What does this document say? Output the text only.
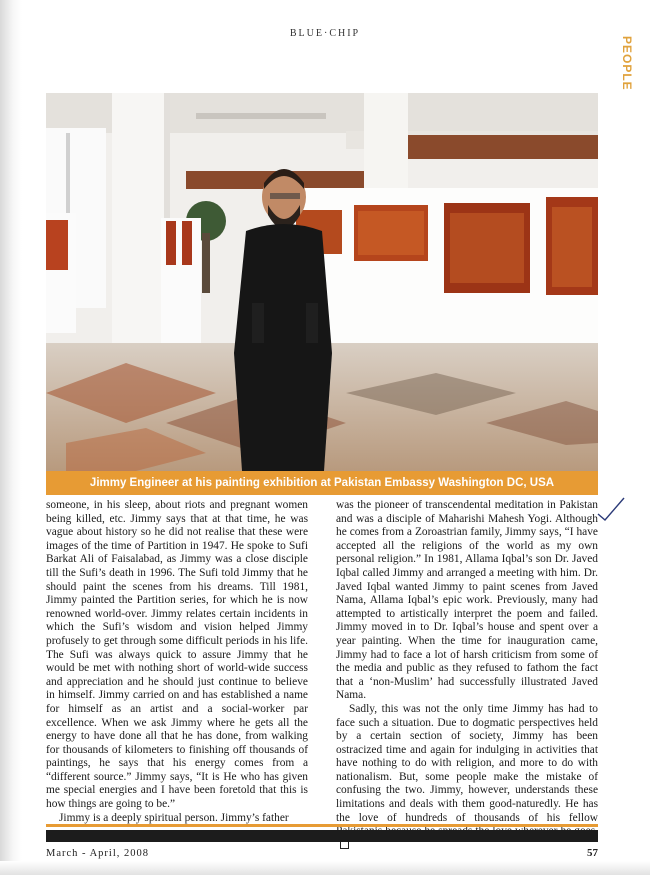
BLUE·CHIP
PEOPLE
Jimmy Engineer at his painting exhibition at Pakistan Embassy Washington DC, USA

someone, in his sleep, about riots and pregnant women being killed, etc. Jimmy says that at that time, he was vague about history so he did not realise that these were images of the time of Partition in 1947. He spoke to Sufi Barkat Ali of Faisalabad, as Jimmy was a close disciple till the Sufi’s death in 1996. The Sufi told Jimmy that he should paint the scenes from his dreams. Till 1981, Jimmy painted the Partition series, for which he is now renowned world-over. Jimmy relates certain incidents in which the Sufi’s wisdom and vision helped Jimmy profusely to get through some difficult periods in his life. The Sufi was always quick to assure Jimmy that he would be met with nothing short of world-wide success and appreciation and he should just continue to believe in himself. Jimmy carried on and has established a name for himself as an artist and a social-worker par excellence. When we ask Jimmy where he gets all the energy to have done all that he has done, from walking for thousands of kilometers to finishing off thousands of paintings, he says that his energy comes from a “different source.” Jimmy says, “It is He who has given me special energies and I have been foretold that this is how things are going to be.”

Jimmy is a deeply spiritual person. Jimmy’s father

was the pioneer of transcendental meditation in Pakistan and was a disciple of Maharishi Mahesh Yogi. Although he comes from a Zoroastrian family, Jimmy says, “I have accepted all the religions of the world as my own personal religion.” In 1981, Allama Iqbal’s son Dr. Javed Iqbal called Jimmy and arranged a meeting with him. Dr. Javed Iqbal wanted Jimmy to paint scenes from Javed Nama, Allama Iqbal’s epic work. Previously, many had attempted to artistically interpret the poem and failed. Jimmy moved in to Dr. Iqbal’s house and spent over a year painting. When the time for inauguration came, Jimmy had to face a lot of harsh criticism from some of the media and public as they refused to fathom the fact that a ‘non-Muslim’ had successfully illustrated Javed Nama.

Sadly, this was not the only time Jimmy has had to face such a situation. Due to dogmatic perspectives held by a certain section of society, Jimmy has been ostracized time and again for indulging in activities that have nothing to do with religion, and more to do with nationalism. But, some people make the mistake of confusing the two. Jimmy, however, understands these limitations and deals with them good-naturedly. He has the love of hundreds of thousands of his fellow

March - April, 2008	57
